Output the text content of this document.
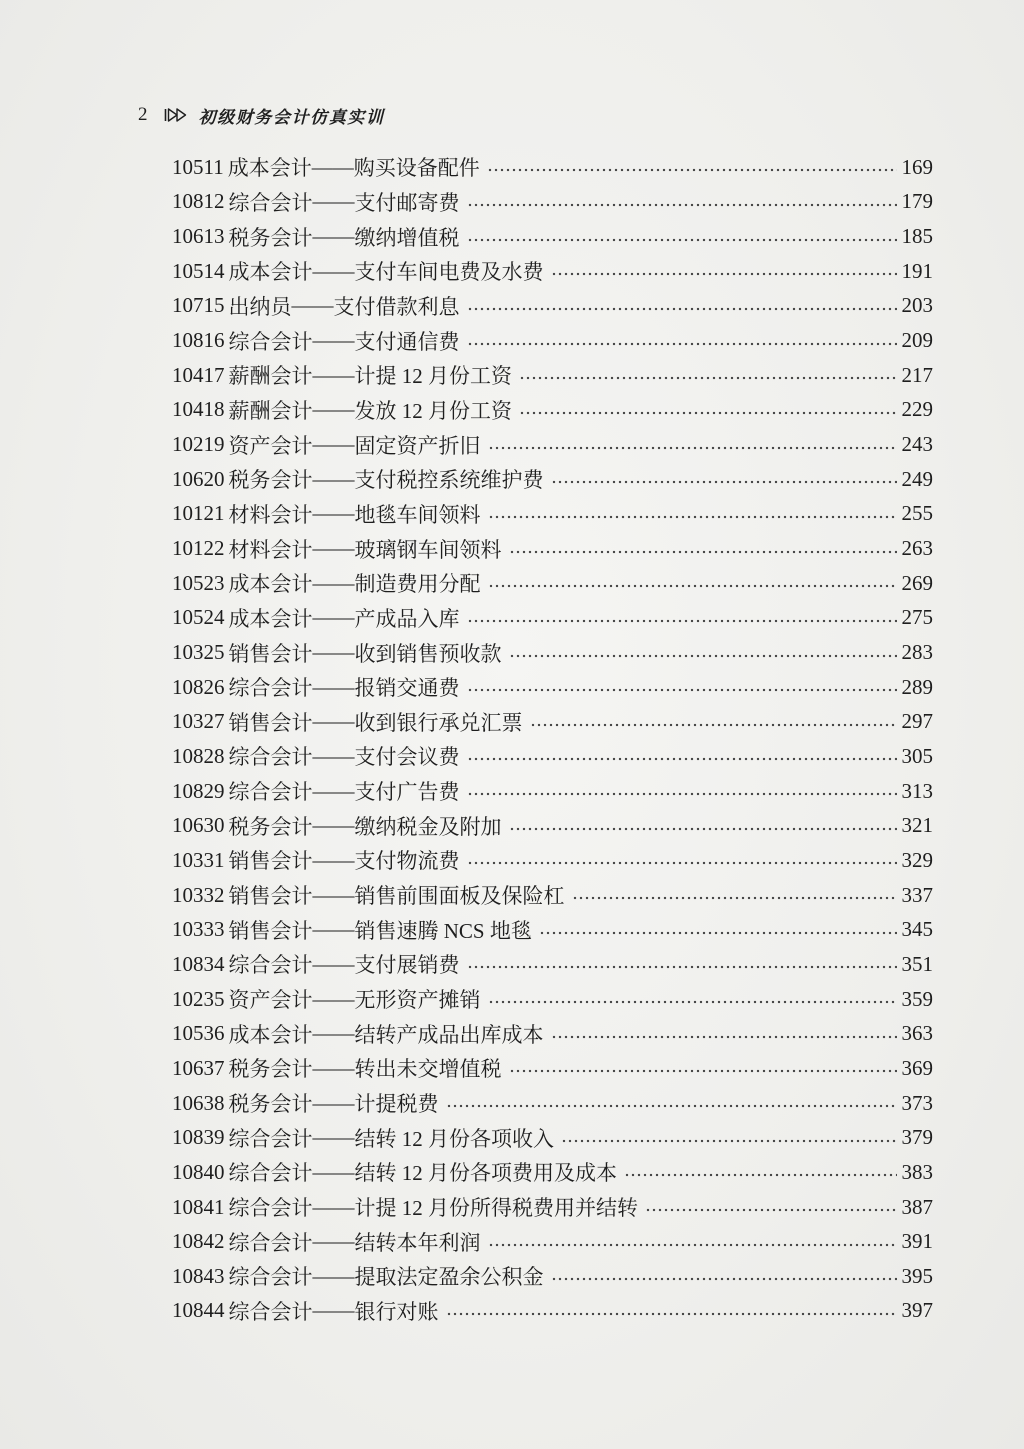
2	初级财务会计仿真实训
10511 成本会计 —— 购买设备配件	169
10812 综合会计 —— 支付邮寄费	179
10613 税务会计 —— 缴纳增值税	185
10514 成本会计 —— 支付车间电费及水费	191
10715 出纳员 —— 支付借款利息	203
10816 综合会计 —— 支付通信费	209
10417 薪酬会计 —— 计提 12 月份工资	217
10418 薪酬会计 —— 发放 12 月份工资	229
10219 资产会计 —— 固定资产折旧	243
10620 税务会计 —— 支付税控系统维护费	249
10121 材料会计 —— 地毯车间领料	255
10122 材料会计 —— 玻璃钢车间领料	263
10523 成本会计 —— 制造费用分配	269
10524 成本会计 —— 产成品入库	275
10325 销售会计 —— 收到销售预收款	283
10826 综合会计 —— 报销交通费	289
10327 销售会计 —— 收到银行承兑汇票	297
10828 综合会计 —— 支付会议费	305
10829 综合会计 —— 支付广告费	313
10630 税务会计 —— 缴纳税金及附加	321
10331 销售会计 —— 支付物流费	329
10332 销售会计 —— 销售前围面板及保险杠	337
10333 销售会计 —— 销售速腾 NCS 地毯	345
10834 综合会计 —— 支付展销费	351
10235 资产会计 —— 无形资产摊销	359
10536 成本会计 —— 结转产成品出库成本	363
10637 税务会计 —— 转出未交增值税	369
10638 税务会计 —— 计提税费	373
10839 综合会计 —— 结转 12 月份各项收入	379
10840 综合会计 —— 结转 12 月份各项费用及成本	383
10841 综合会计 —— 计提 12 月份所得税费用并结转	387
10842 综合会计 —— 结转本年利润	391
10843 综合会计 —— 提取法定盈余公积金	395
10844 综合会计 —— 银行对账	397
